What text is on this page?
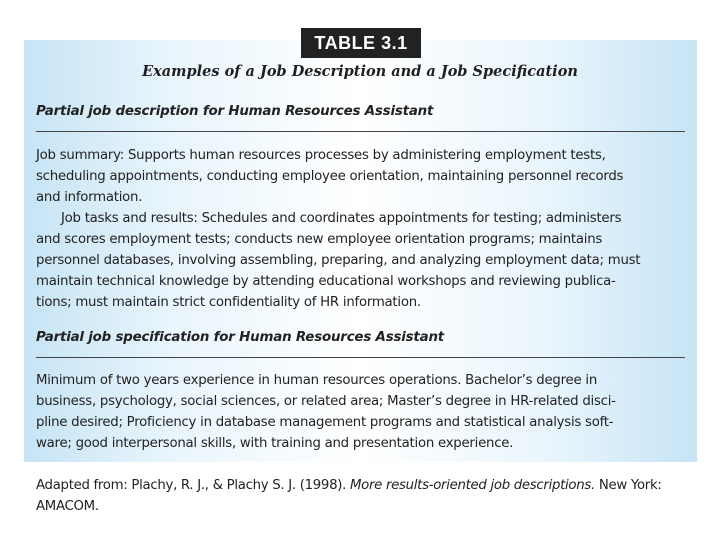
TABLE 3.1
Examples of a Job Description and a Job Specification
Partial job description for Human Resources Assistant

Job summary: Supports human resources processes by administering employment tests,

scheduling appointments, conducting employee orientation, maintaining personnel records

and information.

Job tasks and results: Schedules and coordinates appointments for testing; administers

and scores employment tests; conducts new employee orientation programs; maintains

personnel databases, involving assembling, preparing, and analyzing employment data; must

maintain technical knowledge by attending educational workshops and reviewing publica-

tions; must maintain strict confidentiality of HR information.

Partial job specification for Human Resources Assistant

Minimum of two years experience in human resources operations. Bachelor’s degree in

business, psychology, social sciences, or related area; Master’s degree in HR-related disci-

pline desired; Proficiency in database management programs and statistical analysis soft-

ware; good interpersonal skills, with training and presentation experience.

Adapted from: Plachy, R. J., & Plachy S. J. (1998). More results-oriented job descriptions. New York:
AMACOM.
